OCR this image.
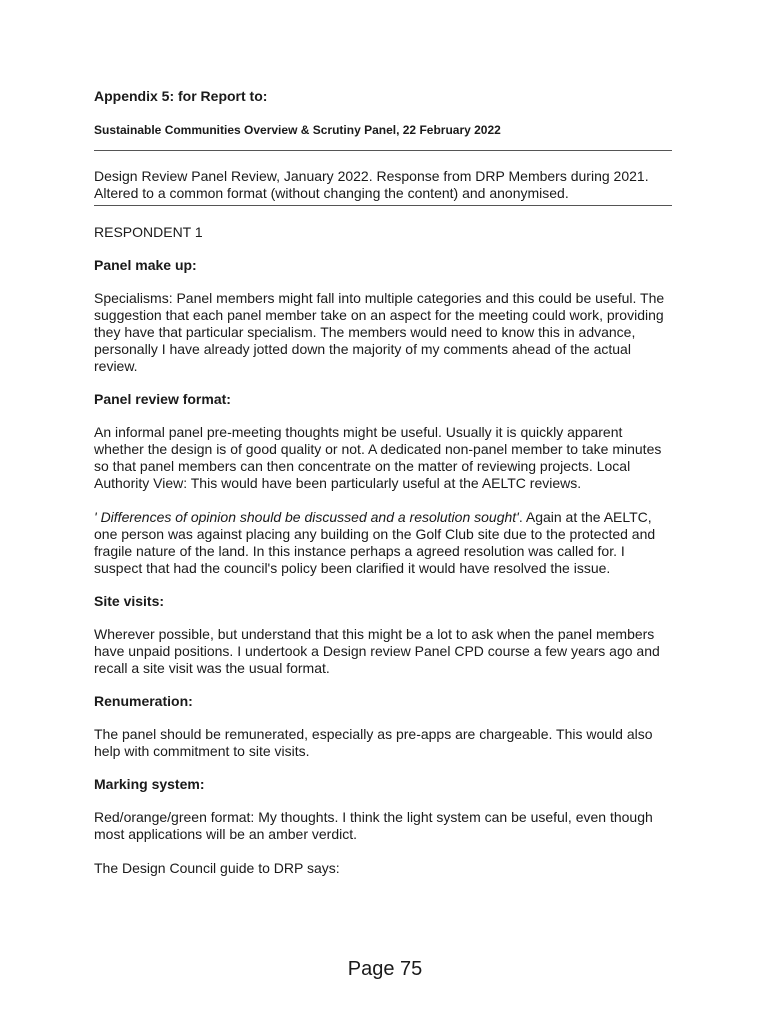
Appendix 5: for Report to:
Sustainable Communities Overview & Scrutiny Panel, 22 February 2022

Design Review Panel Review, January 2022. Response from DRP Members during 2021. Altered to a common format (without changing the content) and anonymised.

RESPONDENT 1

Panel make up:

Specialisms: Panel members might fall into multiple categories and this could be useful. The suggestion that each panel member take on an aspect for the meeting could work, providing they have that particular specialism. The members would need to know this in advance, personally I have already jotted down the majority of my comments ahead of the actual review.

Panel review format:

An informal panel pre-meeting thoughts might be useful. Usually it is quickly apparent whether the design is of good quality or not. A dedicated non-panel member to take minutes so that panel members can then concentrate on the matter of reviewing projects. Local Authority View: This would have been particularly useful at the AELTC reviews.

' Differences of opinion should be discussed and a resolution sought'. Again at the AELTC, one person was against placing any building on the Golf Club site due to the protected and fragile nature of the land. In this instance perhaps a agreed resolution was called for. I suspect that had the council's policy been clarified it would have resolved the issue.

Site visits:

Wherever possible, but understand that this might be a lot to ask when the panel members have unpaid positions. I undertook a Design review Panel CPD course a few years ago and recall a site visit was the usual format.

Renumeration:

The panel should be remunerated, especially as pre-apps are chargeable. This would also help with commitment to site visits.

Marking system:

Red/orange/green format: My thoughts. I think the light system can be useful, even though most applications will be an amber verdict.

The Design Council guide to DRP says:

Page 75
